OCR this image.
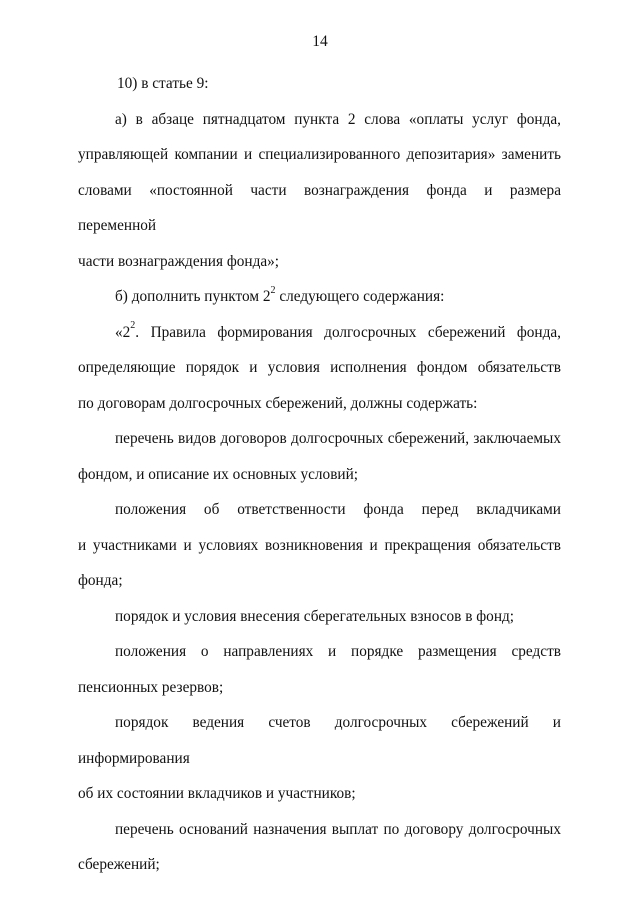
14

10) в статье 9:

а) в абзаце пятнадцатом пункта 2 слова «оплаты услуг фонда,
управляющей компании и специализированного депозитария» заменить
словами «постоянной части вознаграждения фонда и размера переменной
части вознаграждения фонда»;

б) дополнить пунктом $2^2$ следующего содержания:

«$2^2$. Правила формирования долгосрочных сбережений фонда,
определяющие порядок и условия исполнения фондом обязательств
по договорам долгосрочных сбережений, должны содержать:

перечень видов договоров долгосрочных сбережений, заключаемых
фондом, и описание их основных условий;

положения об ответственности фонда перед вкладчиками
и участниками и условиях возникновения и прекращения обязательств
фонда;

порядок и условия внесения сберегательных взносов в фонд;

положения о направлениях и порядке размещения средств
пенсионных резервов;

порядок ведения счетов долгосрочных сбережений и информирования
об их состоянии вкладчиков и участников;

перечень оснований назначения выплат по договору долгосрочных
сбережений;
